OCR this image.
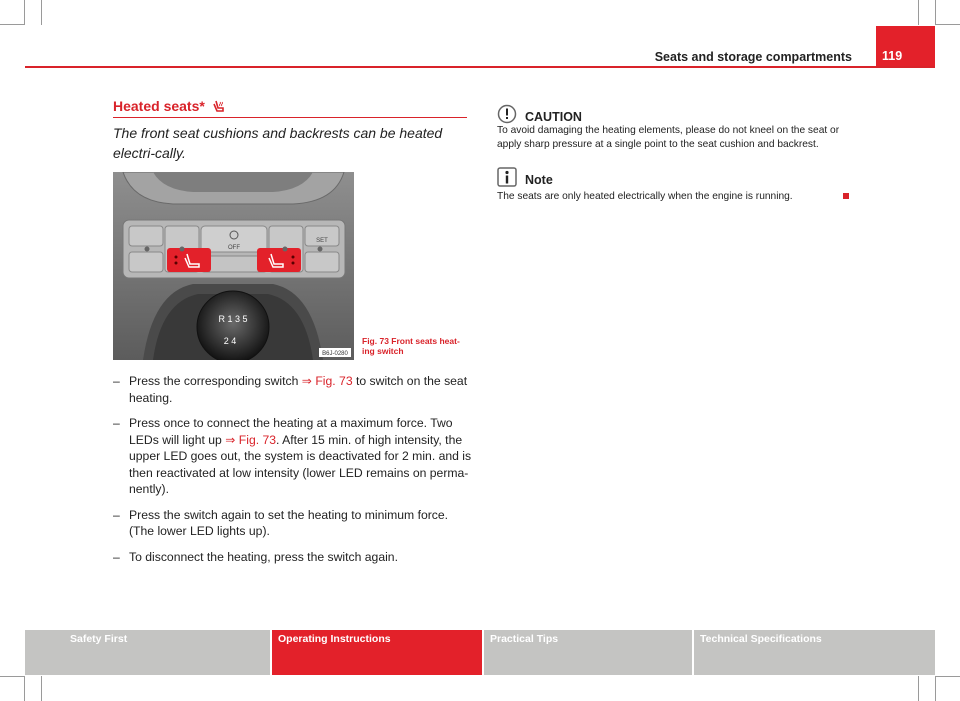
Seats and storage compartments	119
Heated seats*
The front seat cushions and backrests can be heated electri-cally.
OFF
SET
R 1 3 5
2 4
B6J-0280
Fig. 73 Front seats heat-ing switch
– Press the corresponding switch ⇒ Fig. 73 to switch on the seat heating.
– Press once to connect the heating at a maximum force. Two LEDs will light up ⇒ Fig. 73. After 15 min. of high intensity, the upper LED goes out, the system is deactivated for 2 min. and is then reactivated at low intensity (lower LED remains on perma-nently).
– Press the switch again to set the heating to minimum force. (The lower LED lights up).
– To disconnect the heating, press the switch again.
CAUTION
To avoid damaging the heating elements, please do not kneel on the seat or apply sharp pressure at a single point to the seat cushion and backrest.
Note
The seats are only heated electrically when the engine is running.
Safety First	Operating Instructions	Practical Tips	Technical Specifications
